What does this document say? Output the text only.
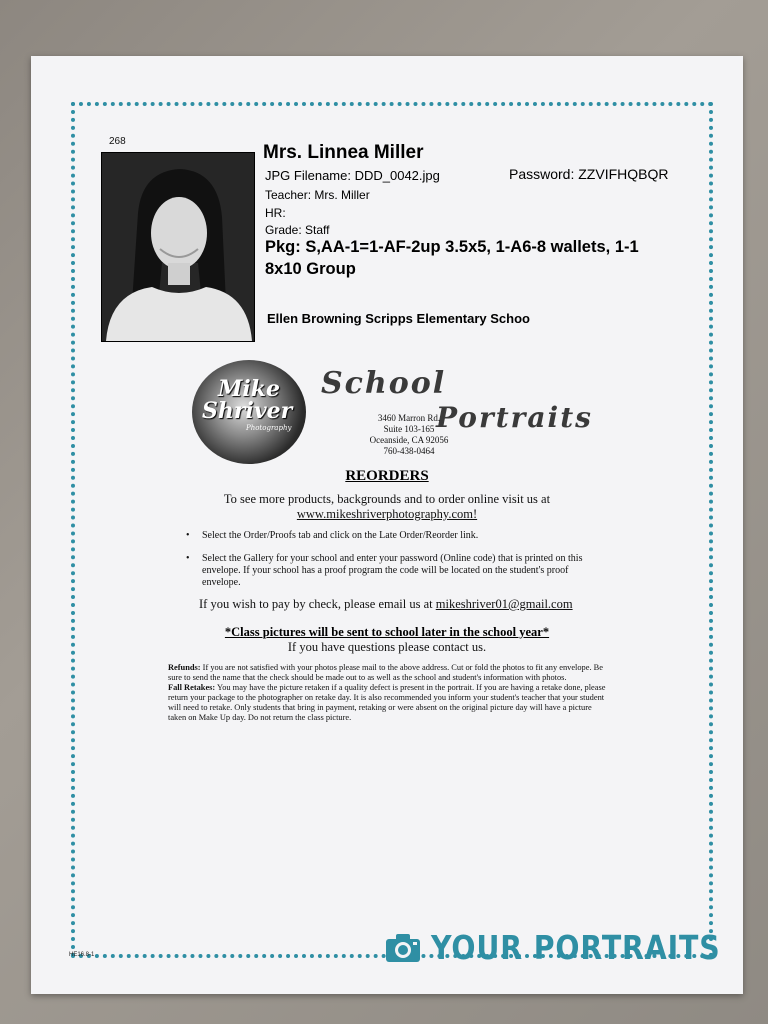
268
Mrs. Linnea Miller
JPG Filename: DDD_0042.jpg	Password: ZZVIFHQBQR
Teacher: Mrs. Miller
HR:
Grade: Staff
Pkg: S,AA-1=1-AF-2up 3.5x5, 1-A6-8 wallets, 1-1 8x10 Group
Ellen Browning Scripps Elementary Schoo
Mike
Shriver
Photography
School
Portraits
3460 Marron Rd.
Suite 103-165
Oceanside, CA 92056
760-438-0464
REORDERS
To see more products, backgrounds and to order online visit us at
www.mikeshriverphotography.com!
• Select the Order/Proofs tab and click on the Late Order/Reorder link.
• Select the Gallery for your school and enter your password (Online code) that is printed on this envelope. If your school has a proof program the code will be located on the student's proof envelope.
If you wish to pay by check, please email us at mikeshriver01@gmail.com
*Class pictures will be sent to school later in the school year*
If you have questions please contact us.
Refunds: If you are not satisfied with your photos please mail to the above address. Cut or fold the photos to fit any envelope. Be sure to send the name that the check should be made out to as well as the school and student's information with photos.
Fall Retakes: You may have the picture retaken if a quality defect is present in the portrait. If you are having a retake done, please return your package to the photographer on retake day. It is also recommended you inform your student's teacher that your student will need to retake. Only students that bring in payment, retaking or were absent on the original picture day will have a picture taken on Make Up day. Do not return the class picture.
HE16.8-1	YOUR PORTRAITS
